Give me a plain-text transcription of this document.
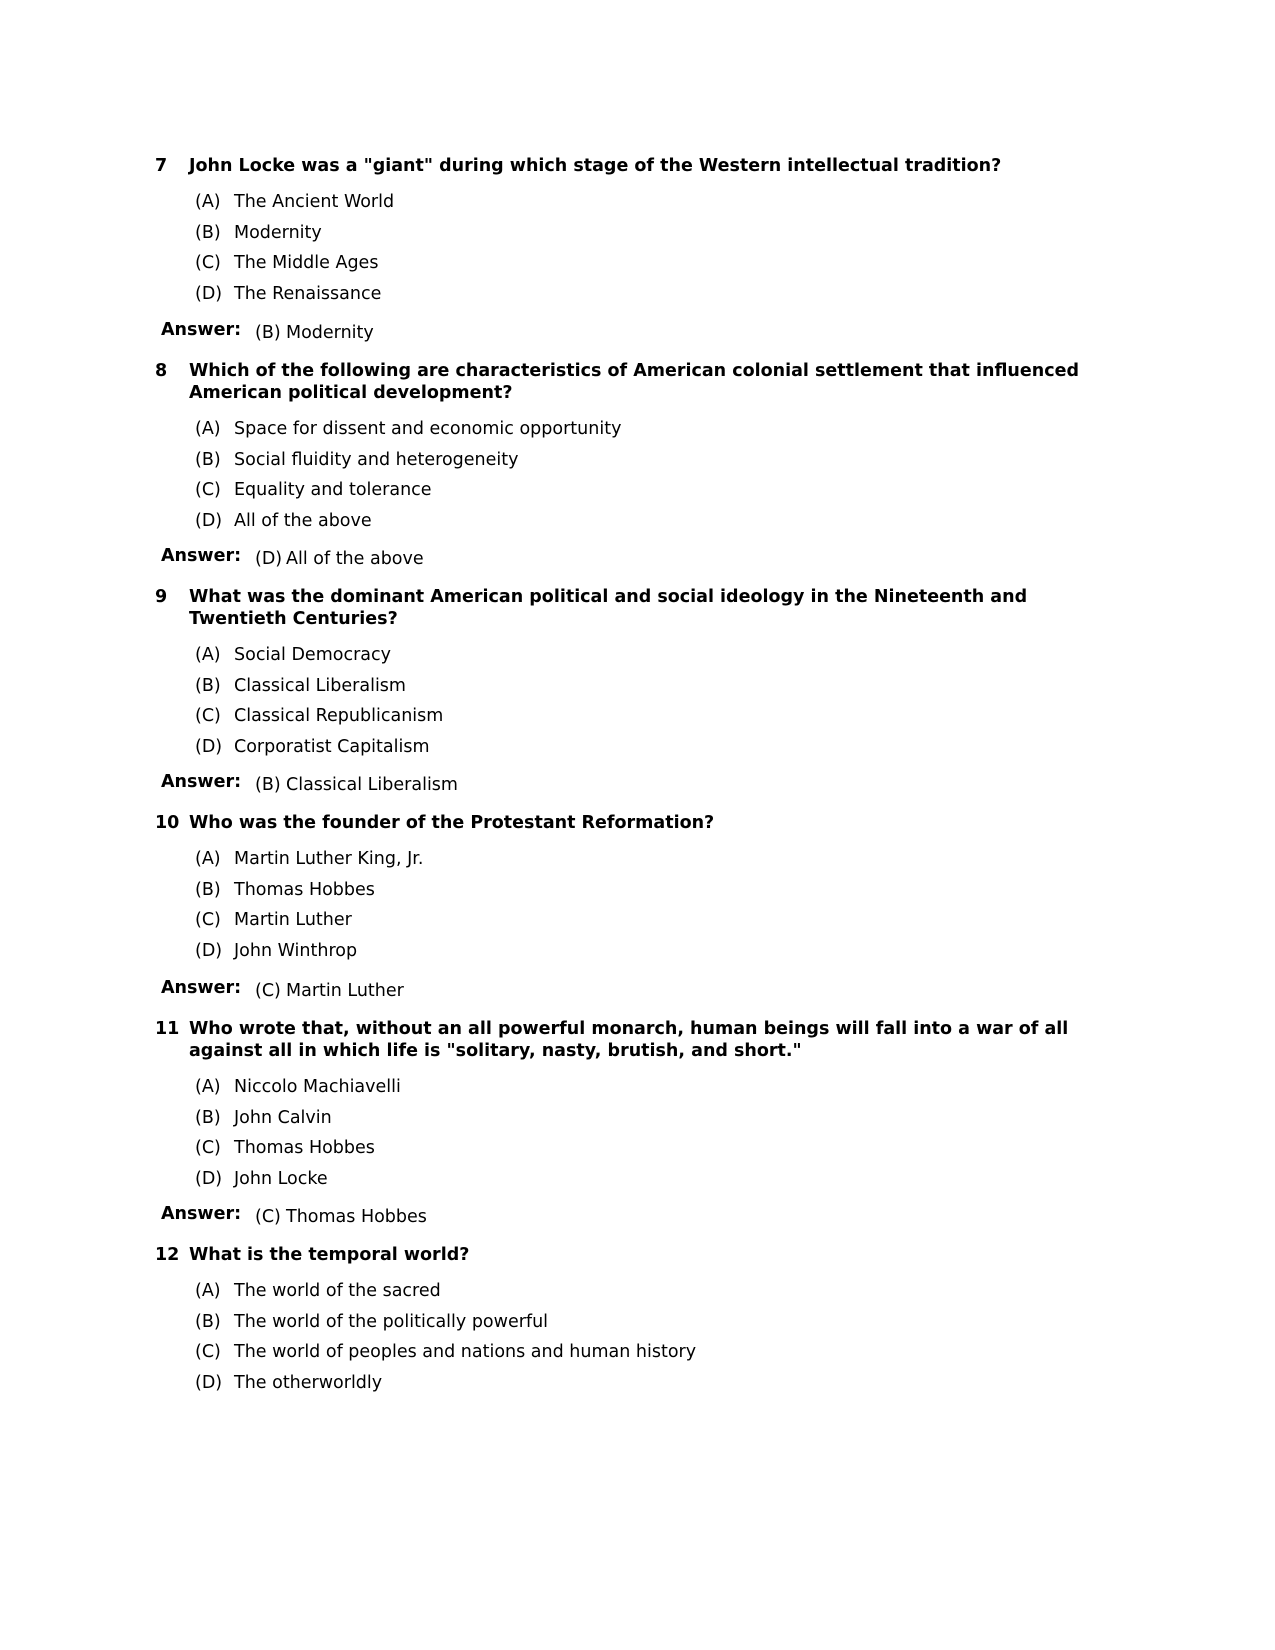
7	John Locke was a "giant" during which stage of the Western intellectual tradition?
(A) The Ancient World
(B) Modernity
(C) The Middle Ages
(D) The Renaissance
Answer: (B) Modernity
8	Which of the following are characteristics of American colonial settlement that influenced American political development?
(A) Space for dissent and economic opportunity
(B) Social fluidity and heterogeneity
(C) Equality and tolerance
(D) All of the above
Answer: (D) All of the above
9	What was the dominant American political and social ideology in the Nineteenth and Twentieth Centuries?
(A) Social Democracy
(B) Classical Liberalism
(C) Classical Republicanism
(D) Corporatist Capitalism
Answer: (B) Classical Liberalism
10 Who was the founder of the Protestant Reformation?
(A) Martin Luther King, Jr.
(B) Thomas Hobbes
(C) Martin Luther
(D) John Winthrop
Answer: (C) Martin Luther
11 Who wrote that, without an all powerful monarch, human beings will fall into a war of all against all in which life is "solitary, nasty, brutish, and short."
(A) Niccolo Machiavelli
(B) John Calvin
(C) Thomas Hobbes
(D) John Locke
Answer: (C) Thomas Hobbes
12 What is the temporal world?
(A) The world of the sacred
(B) The world of the politically powerful
(C) The world of peoples and nations and human history
(D) The otherworldly
